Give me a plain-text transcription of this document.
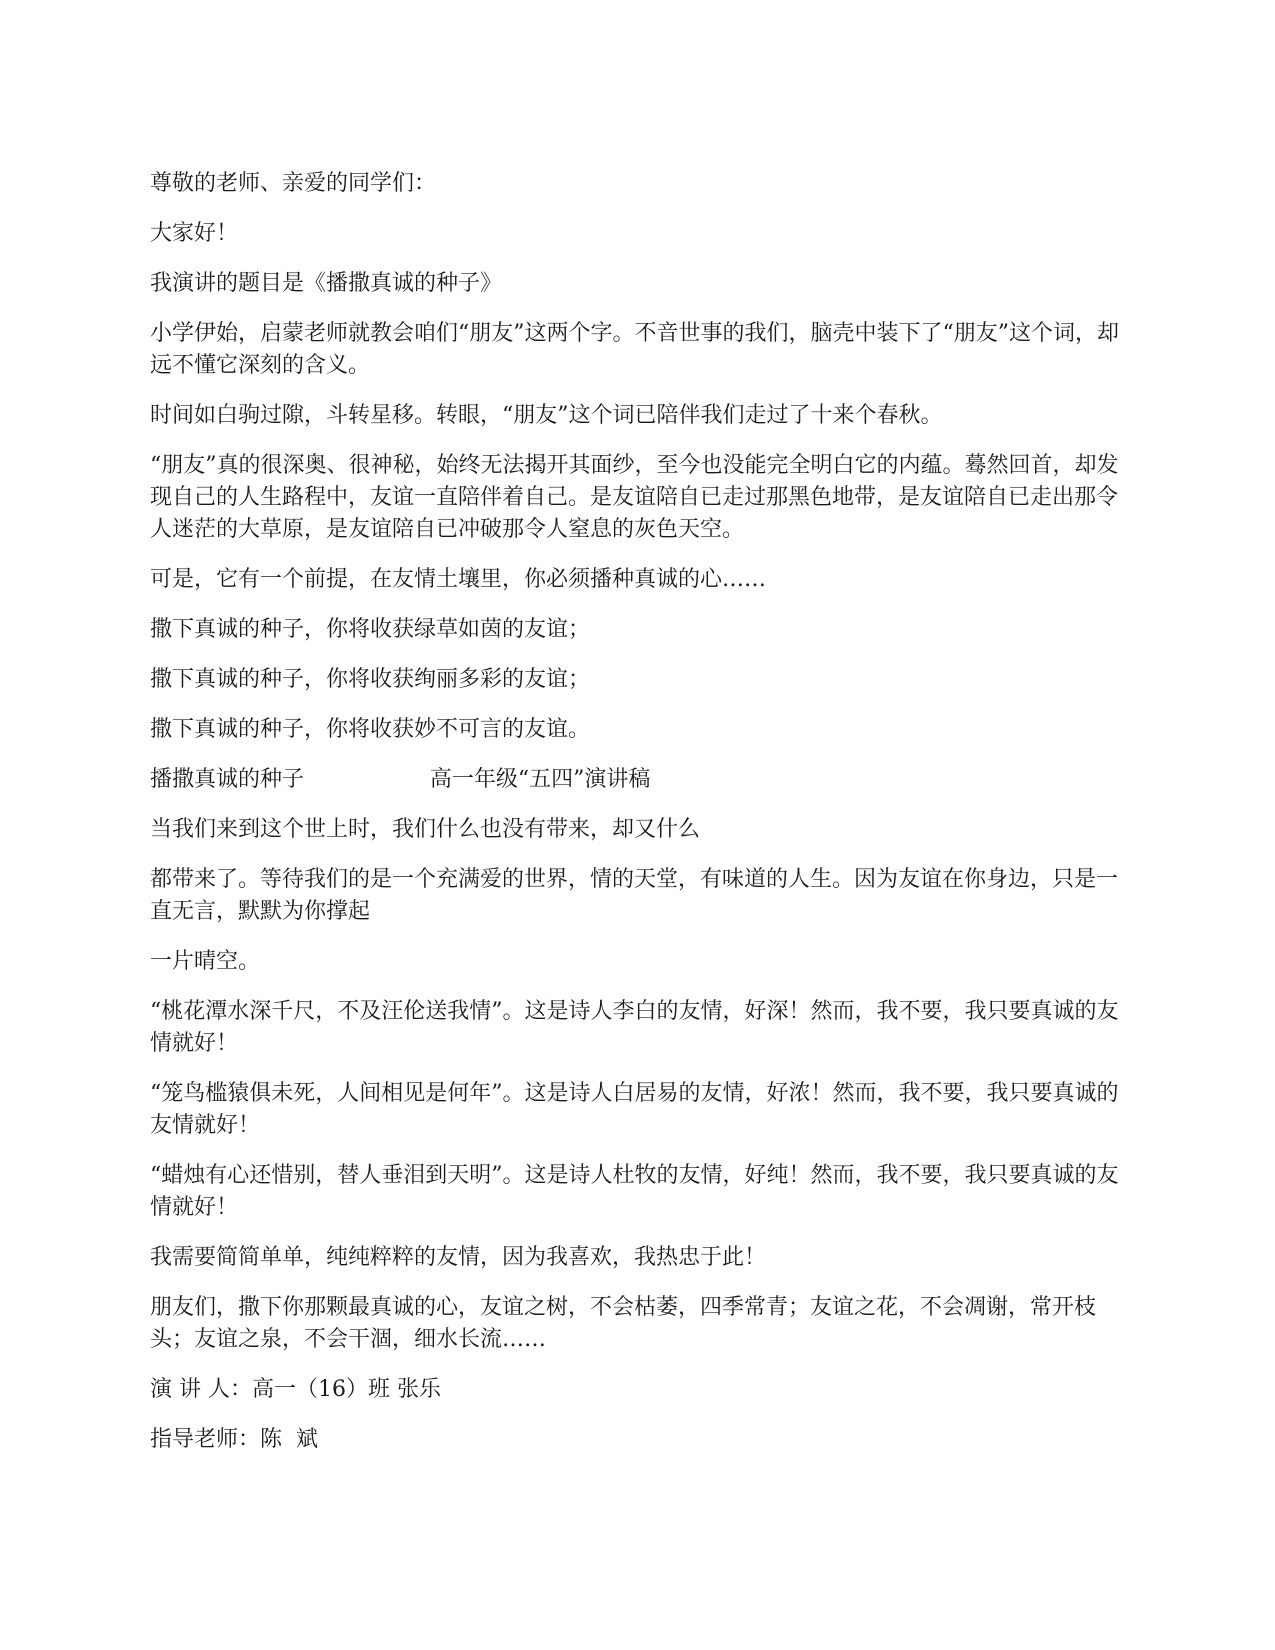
尊敬的老师、亲爱的同学们：

大家好！

我演讲的题目是《播撒真诚的种子》

小学伊始，启蒙老师就教会咱们“朋友”这两个字。不音世事的我们，脑壳中装下了“朋友”这个词，却远不懂它深刻的含义。

时间如白驹过隙，斗转星移。转眼，“朋友”这个词已陪伴我们走过了十来个春秋。

“朋友”真的很深奥、很神秘，始终无法揭开其面纱，至今也没能完全明白它的内蕴。蓦然回首，却发现自己的人生路程中，友谊一直陪伴着自己。是友谊陪自已走过那黑色地带，是友谊陪自已走出那令人迷茫的大草原，是友谊陪自已冲破那令人窒息的灰色天空。

可是，它有一个前提，在友情土壤里，你必须播种真诚的心……

撒下真诚的种子，你将收获绿草如茵的友谊；

撒下真诚的种子，你将收获绚丽多彩的友谊；

撒下真诚的种子，你将收获妙不可言的友谊。

播撒真诚的种子                  高一年级“五四”演讲稿

当我们来到这个世上时，我们什么也没有带来，却又什么

都带来了。等待我们的是一个充满爱的世界，情的天堂，有味道的人生。因为友谊在你身边，只是一直无言，默默为你撑起

一片晴空。

“桃花潭水深千尺，不及汪伦送我情”。这是诗人李白的友情，好深！然而，我不要，我只要真诚的友情就好！

“笼鸟槛猿俱未死，人间相见是何年”。这是诗人白居易的友情，好浓！然而，我不要，我只要真诚的友情就好！

“蜡烛有心还惜别，替人垂泪到天明”。这是诗人杜牧的友情，好纯！然而，我不要，我只要真诚的友情就好！

我需要简简单单，纯纯粹粹的友情，因为我喜欢，我热忠于此！

朋友们，撒下你那颗最真诚的心，友谊之树，不会枯萎，四季常青；友谊之花，不会凋谢，常开枝头；友谊之泉，不会干涸，细水长流……

演 讲 人：高一（16）班 张乐

指导老师：陈  斌
